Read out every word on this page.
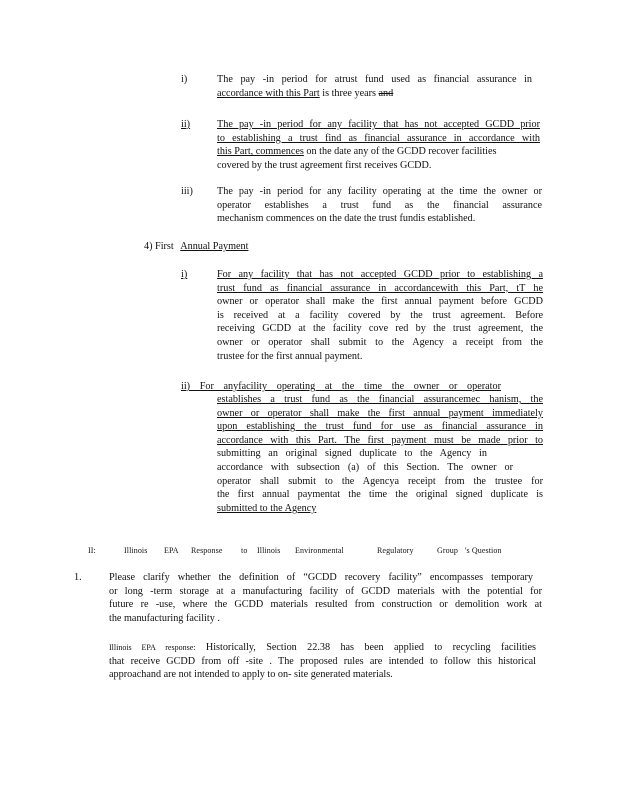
i)	The pay -in period for atrust fund used as financial assurance in
accordance with this Part is three years and
ii)	The pay -in period for any facility that has not accepted GCDD prior
to establishing a trust find as financial assurance in accordance with
this Part, commences on the date any of the GCDD recover facilities
covered by the trust agreement first receives GCDD.
iii) The pay -in period for any facility operating at the time the owner or
operator establishes a trust fund as the financial assurance
mechanism commences on the date the trust fundis established.
4) First Annual Payment
i)	For any facility that has not accepted GCDD prior to establishing a
trust fund as financial assurance in accordancewith this Part, tT he
owner or operator shall make the first annual payment before GCDD
is received at a facility covered by the trust agreement. Before
receiving GCDD at the facility cove red by the trust agreement, the
owner or operator shall submit to the Agency a receipt from the
trustee for the first annual payment.
ii) For anyfacility operating at the time the owner or operator
establishes a trust fund as the financial assurancemec hanism, the
owner or operator shall make the first annual payment immediately
upon establishing the trust fund for use as financial assurance in
accordance with this Part. The first payment must be made prior to
submitting an original signed duplicate to the Agency in
accordance with subsection (a) of this Section. The owner or
operator shall submit to the Agencya receipt from the trustee for
the first annual paymentat the time the original signed duplicate is
submitted to the Agency
II:	Illinois EPA Response to Illinois Environmental	Regulatory	Group 's Question
1.	Please clarify whether the definition of “GCDD recovery facility” encompasses temporary
or long -term storage at a manufacturing facility of GCDD materials with the potential for
future re -use, where the GCDD materials resulted from construction or demolition work at
the manufacturing facility .
Illinois EPA response: Historically, Section 22.38 has been applied to recycling facilities
that receive GCDD from off -site . The proposed rules are intended to follow this historical
approachand are not intended to apply to on- site generated materials.
